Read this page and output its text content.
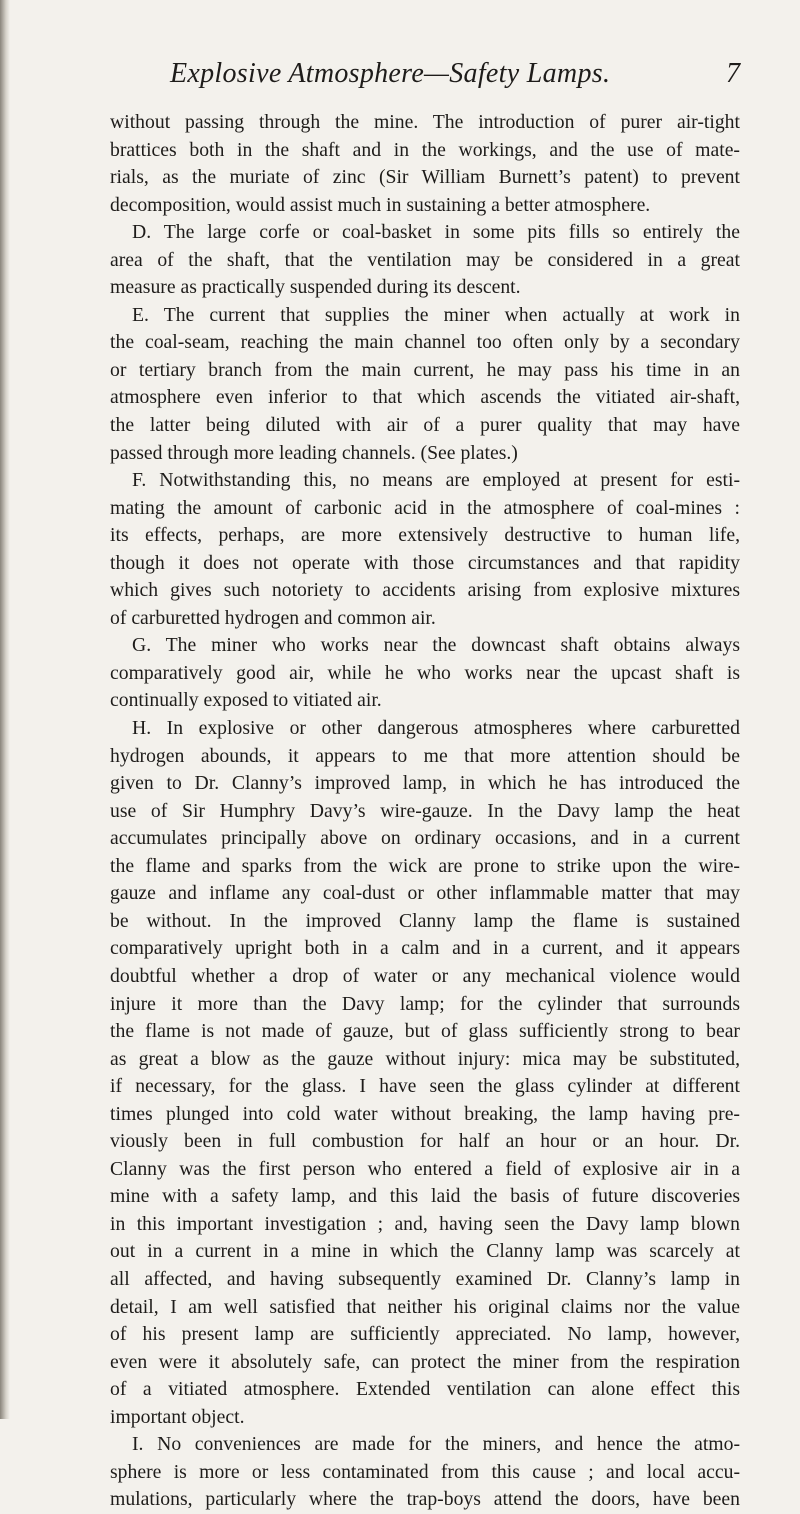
Explosive Atmosphere—Safety Lamps.	7
without passing through the mine. The introduction of purer air-tight
brattices both in the shaft and in the workings, and the use of mate-
rials, as the muriate of zinc (Sir William Burnett’s patent) to prevent
decomposition, would assist much in sustaining a better atmosphere.
D. The large corfe or coal-basket in some pits fills so entirely the
area of the shaft, that the ventilation may be considered in a great
measure as practically suspended during its descent.
E. The current that supplies the miner when actually at work in
the coal-seam, reaching the main channel too often only by a secondary
or tertiary branch from the main current, he may pass his time in an
atmosphere even inferior to that which ascends the vitiated air-shaft,
the latter being diluted with air of a purer quality that may have
passed through more leading channels. (See plates.)
F. Notwithstanding this, no means are employed at present for esti-
mating the amount of carbonic acid in the atmosphere of coal-mines :
its effects, perhaps, are more extensively destructive to human life,
though it does not operate with those circumstances and that rapidity
which gives such notoriety to accidents arising from explosive mixtures
of carburetted hydrogen and common air.
G. The miner who works near the downcast shaft obtains always
comparatively good air, while he who works near the upcast shaft is
continually exposed to vitiated air.
H. In explosive or other dangerous atmospheres where carburetted
hydrogen abounds, it appears to me that more attention should be
given to Dr. Clanny’s improved lamp, in which he has introduced the
use of Sir Humphry Davy’s wire-gauze. In the Davy lamp the heat
accumulates principally above on ordinary occasions, and in a current
the flame and sparks from the wick are prone to strike upon the wire-
gauze and inflame any coal-dust or other inflammable matter that may
be without. In the improved Clanny lamp the flame is sustained
comparatively upright both in a calm and in a current, and it appears
doubtful whether a drop of water or any mechanical violence would
injure it more than the Davy lamp; for the cylinder that surrounds
the flame is not made of gauze, but of glass sufficiently strong to bear
as great a blow as the gauze without injury: mica may be substituted,
if necessary, for the glass. I have seen the glass cylinder at different
times plunged into cold water without breaking, the lamp having pre-
viously been in full combustion for half an hour or an hour. Dr.
Clanny was the first person who entered a field of explosive air in a
mine with a safety lamp, and this laid the basis of future discoveries
in this important investigation ; and, having seen the Davy lamp blown
out in a current in a mine in which the Clanny lamp was scarcely at
all affected, and having subsequently examined Dr. Clanny’s lamp in
detail, I am well satisfied that neither his original claims nor the value
of his present lamp are sufficiently appreciated. No lamp, however,
even were it absolutely safe, can protect the miner from the respiration
of a vitiated atmosphere. Extended ventilation can alone effect this
important object.
I. No conveniences are made for the miners, and hence the atmo-
sphere is more or less contaminated from this cause ; and local accu-
mulations, particularly where the trap-boys attend the doors, have been
